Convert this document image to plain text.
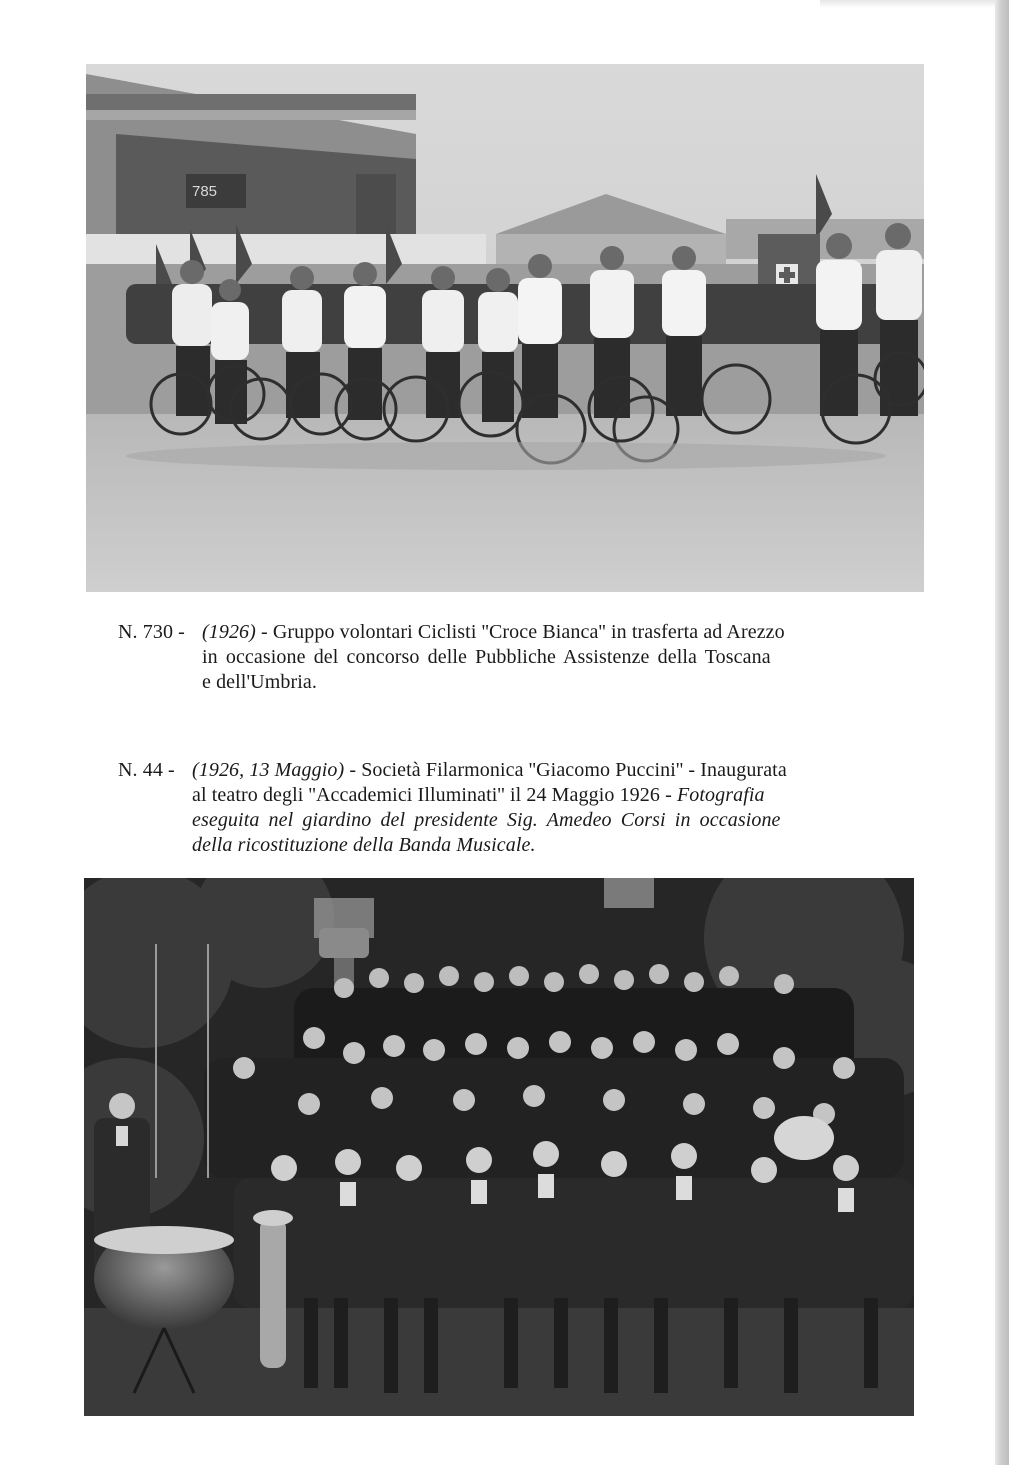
785
N. 730 - (1926) - Gruppo volontari Ciclisti ''Croce Bianca'' in trasferta ad Arezzo
in occasione del concorso delle Pubbliche Assistenze della Toscana
e dell'Umbria.
N. 44 - (1926, 13 Maggio) - Società Filarmonica ''Giacomo Puccini'' - Inaugurata
al teatro degli ''Accademici Illuminati'' il 24 Maggio 1926 - Fotografia
eseguita nel giardino del presidente Sig. Amedeo Corsi in occasione
della ricostituzione della Banda Musicale.
